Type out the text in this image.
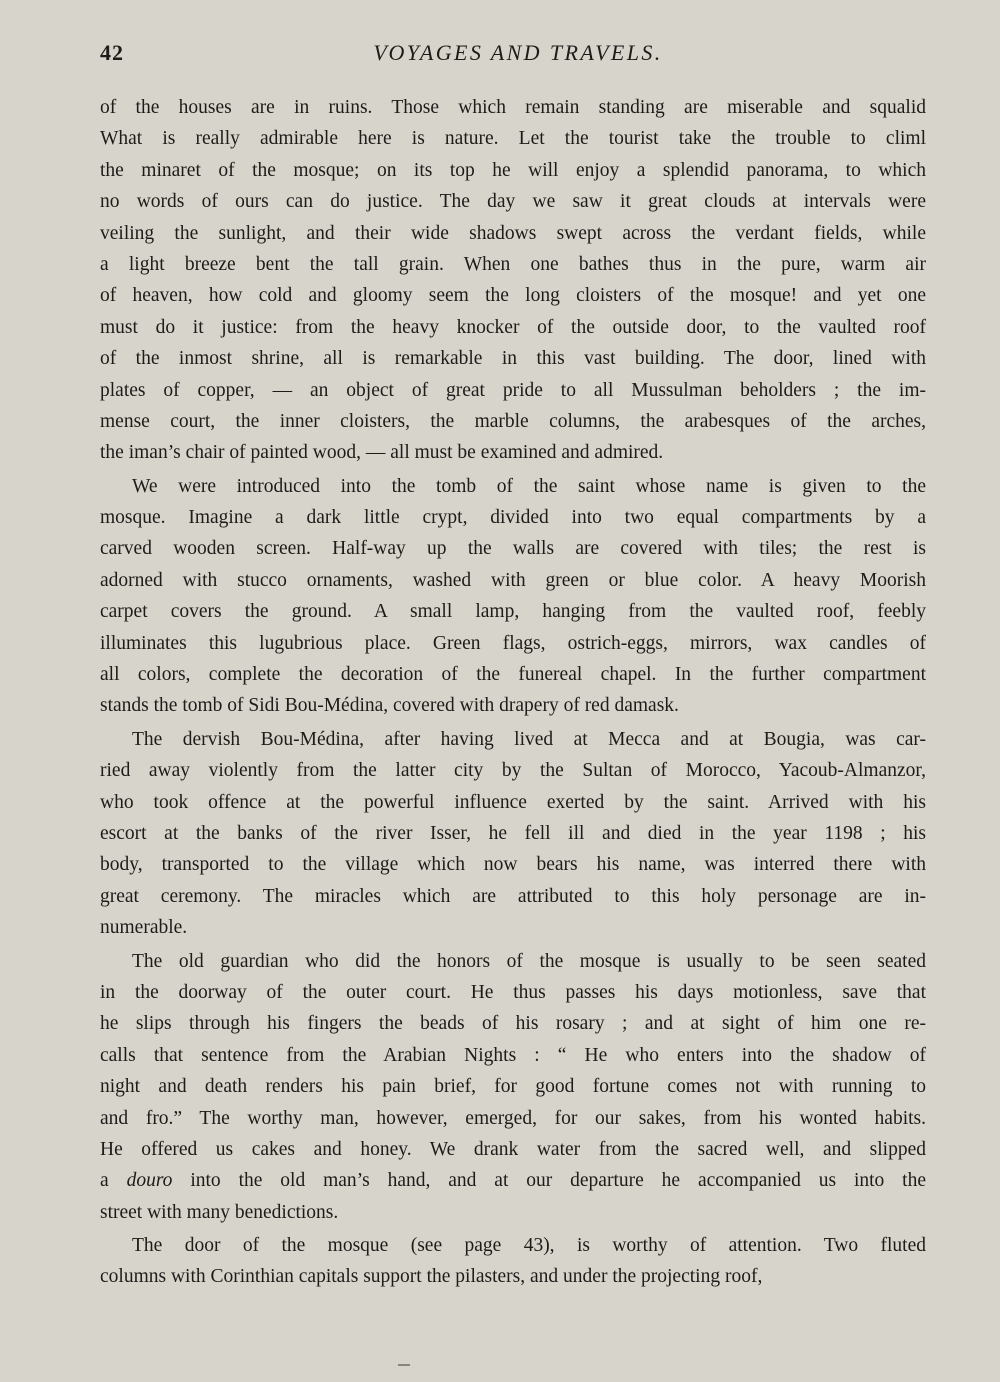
42	VOYAGES AND TRAVELS.
of the houses are in ruins. Those which remain standing are miserable and squalid
What is really admirable here is nature. Let the tourist take the trouble to climl
the minaret of the mosque; on its top he will enjoy a splendid panorama, to which
no words of ours can do justice. The day we saw it great clouds at intervals were
veiling the sunlight, and their wide shadows swept across the verdant fields, while
a light breeze bent the tall grain. When one bathes thus in the pure, warm air
of heaven, how cold and gloomy seem the long cloisters of the mosque! and yet one
must do it justice: from the heavy knocker of the outside door, to the vaulted roof
of the inmost shrine, all is remarkable in this vast building. The door, lined with
plates of copper, — an object of great pride to all Mussulman beholders ; the im-
mense court, the inner cloisters, the marble columns, the arabesques of the arches,
the iman’s chair of painted wood, — all must be examined and admired.
We were introduced into the tomb of the saint whose name is given to the
mosque. Imagine a dark little crypt, divided into two equal compartments by a
carved wooden screen. Half-way up the walls are covered with tiles; the rest is
adorned with stucco ornaments, washed with green or blue color. A heavy Moorish
carpet covers the ground. A small lamp, hanging from the vaulted roof, feebly
illuminates this lugubrious place. Green flags, ostrich-eggs, mirrors, wax candles of
all colors, complete the decoration of the funereal chapel. In the further compartment
stands the tomb of Sidi Bou-Médina, covered with drapery of red damask.
The dervish Bou-Médina, after having lived at Mecca and at Bougia, was car-
ried away violently from the latter city by the Sultan of Morocco, Yacoub-Almanzor,
who took offence at the powerful influence exerted by the saint. Arrived with his
escort at the banks of the river Isser, he fell ill and died in the year 1198 ; his
body, transported to the village which now bears his name, was interred there with
great ceremony. The miracles which are attributed to this holy personage are in-
numerable.
The old guardian who did the honors of the mosque is usually to be seen seated
in the doorway of the outer court. He thus passes his days motionless, save that
he slips through his fingers the beads of his rosary ; and at sight of him one re-
calls that sentence from the Arabian Nights : “ He who enters into the shadow of
night and death renders his pain brief, for good fortune comes not with running to
and fro.” The worthy man, however, emerged, for our sakes, from his wonted habits.
He offered us cakes and honey. We drank water from the sacred well, and slipped
a douro into the old man’s hand, and at our departure he accompanied us into the
street with many benedictions.
The door of the mosque (see page 43), is worthy of attention. Two fluted
columns with Corinthian capitals support the pilasters, and under the projecting roof,
